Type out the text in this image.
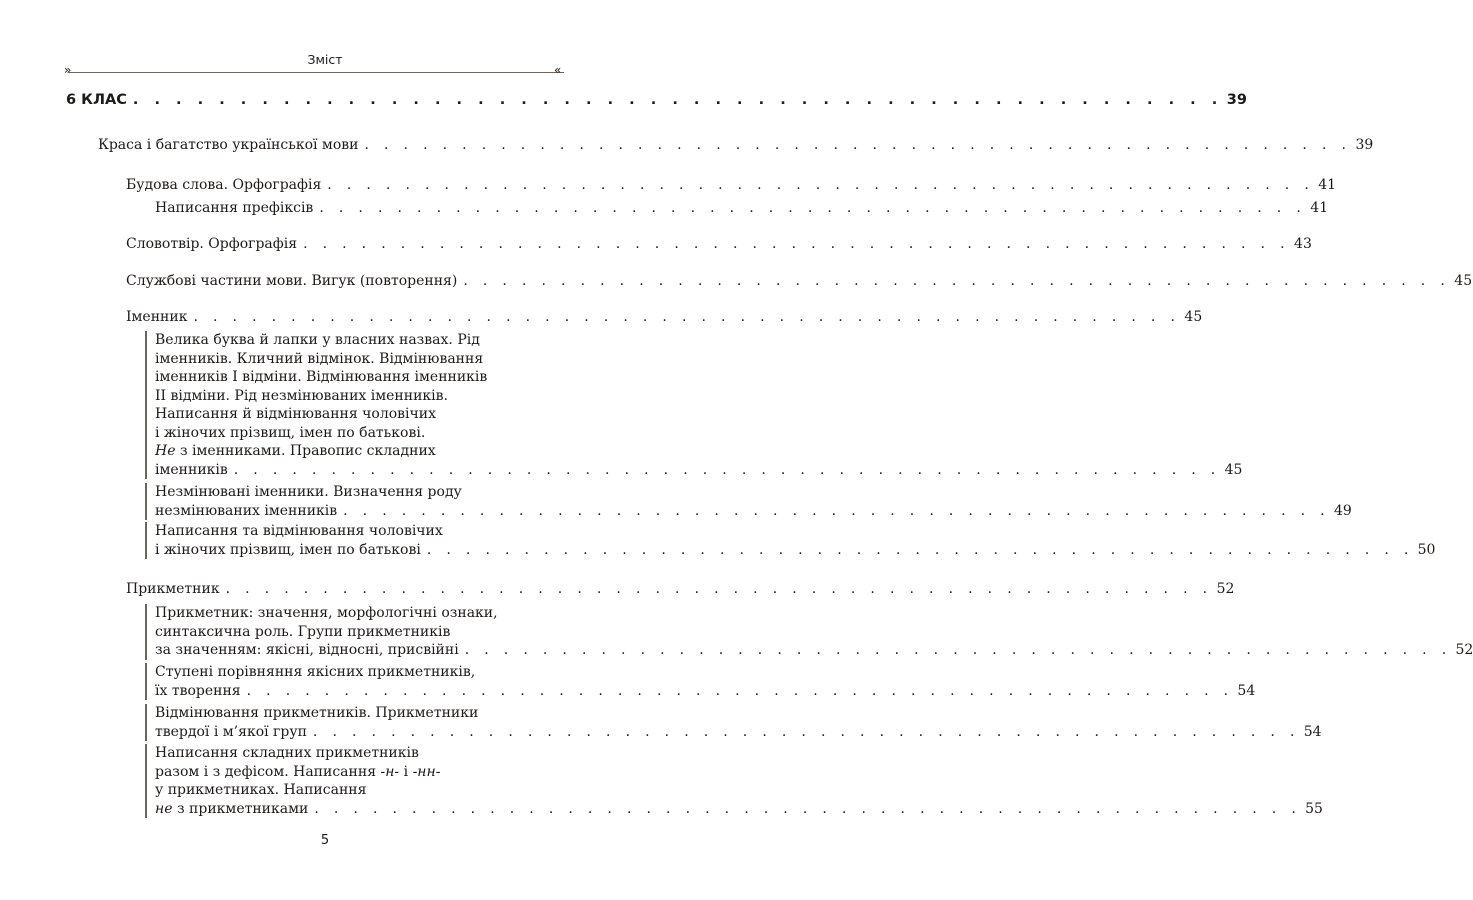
Зміст
»	«
6 КЛАС . . . . . . . . . . . . . . . . . . . . . . . . . . . . . . . . . . . . . . . . . . . . . . . . . . . 39
Краса і багатство української мови . . . . . . . . . . . . . . . . . . . . . . . . . . . . . . . . . . . . . . . . . . . . . . . . . . . 39
Будова слова. Орфографія . . . . . . . . . . . . . . . . . . . . . . . . . . . . . . . . . . . . . . . . . . . . . . . . . . . 41
Написання префіксів . . . . . . . . . . . . . . . . . . . . . . . . . . . . . . . . . . . . . . . . . . . . . . . . . . . 41
Словотвір. Орфографія . . . . . . . . . . . . . . . . . . . . . . . . . . . . . . . . . . . . . . . . . . . . . . . . . . . 43
Службові частини мови. Вигук (повторення) . . . . . . . . . . . . . . . . . . . . . . . . . . . . . . . . . . . . . . . . . . . . . . . . . . . 45
Іменник . . . . . . . . . . . . . . . . . . . . . . . . . . . . . . . . . . . . . . . . . . . . . . . . . . . 45
Велика буква й лапки у власних назвах. Рід
іменників. Кличний відмінок. Відмінювання
іменників І відміни. Відмінювання іменників
ІІ відміни. Рід незмінюваних іменників.
Написання й відмінювання чоловічих
і жіночих прізвищ, імен по батькові.
Не з іменниками. Правопис складних
іменників . . . . . . . . . . . . . . . . . . . . . . . . . . . . . . . . . . . . . . . . . . . . . . . . . . . 45
Незмінювані іменники. Визначення роду
незмінюваних іменників . . . . . . . . . . . . . . . . . . . . . . . . . . . . . . . . . . . . . . . . . . . . . . . . . . . 49
Написання та відмінювання чоловічих
і жіночих прізвищ, імен по батькові . . . . . . . . . . . . . . . . . . . . . . . . . . . . . . . . . . . . . . . . . . . . . . . . . . . 50
Прикметник . . . . . . . . . . . . . . . . . . . . . . . . . . . . . . . . . . . . . . . . . . . . . . . . . . . 52
Прикметник: значення, морфологічні ознаки,
синтаксична роль. Групи прикметників
за значенням: якісні, відносні, присвійні . . . . . . . . . . . . . . . . . . . . . . . . . . . . . . . . . . . . . . . . . . . . . . . . . . . 52
Ступені порівняння якісних прикметників,
їх творення . . . . . . . . . . . . . . . . . . . . . . . . . . . . . . . . . . . . . . . . . . . . . . . . . . . 54
Відмінювання прикметників. Прикметники
твердої і м’якої груп . . . . . . . . . . . . . . . . . . . . . . . . . . . . . . . . . . . . . . . . . . . . . . . . . . . 54
Написання складних прикметників
разом і з дефісом. Написання -н- і -нн-
у прикметниках. Написання
не з прикметниками . . . . . . . . . . . . . . . . . . . . . . . . . . . . . . . . . . . . . . . . . . . . . . . . . . . 55
5
